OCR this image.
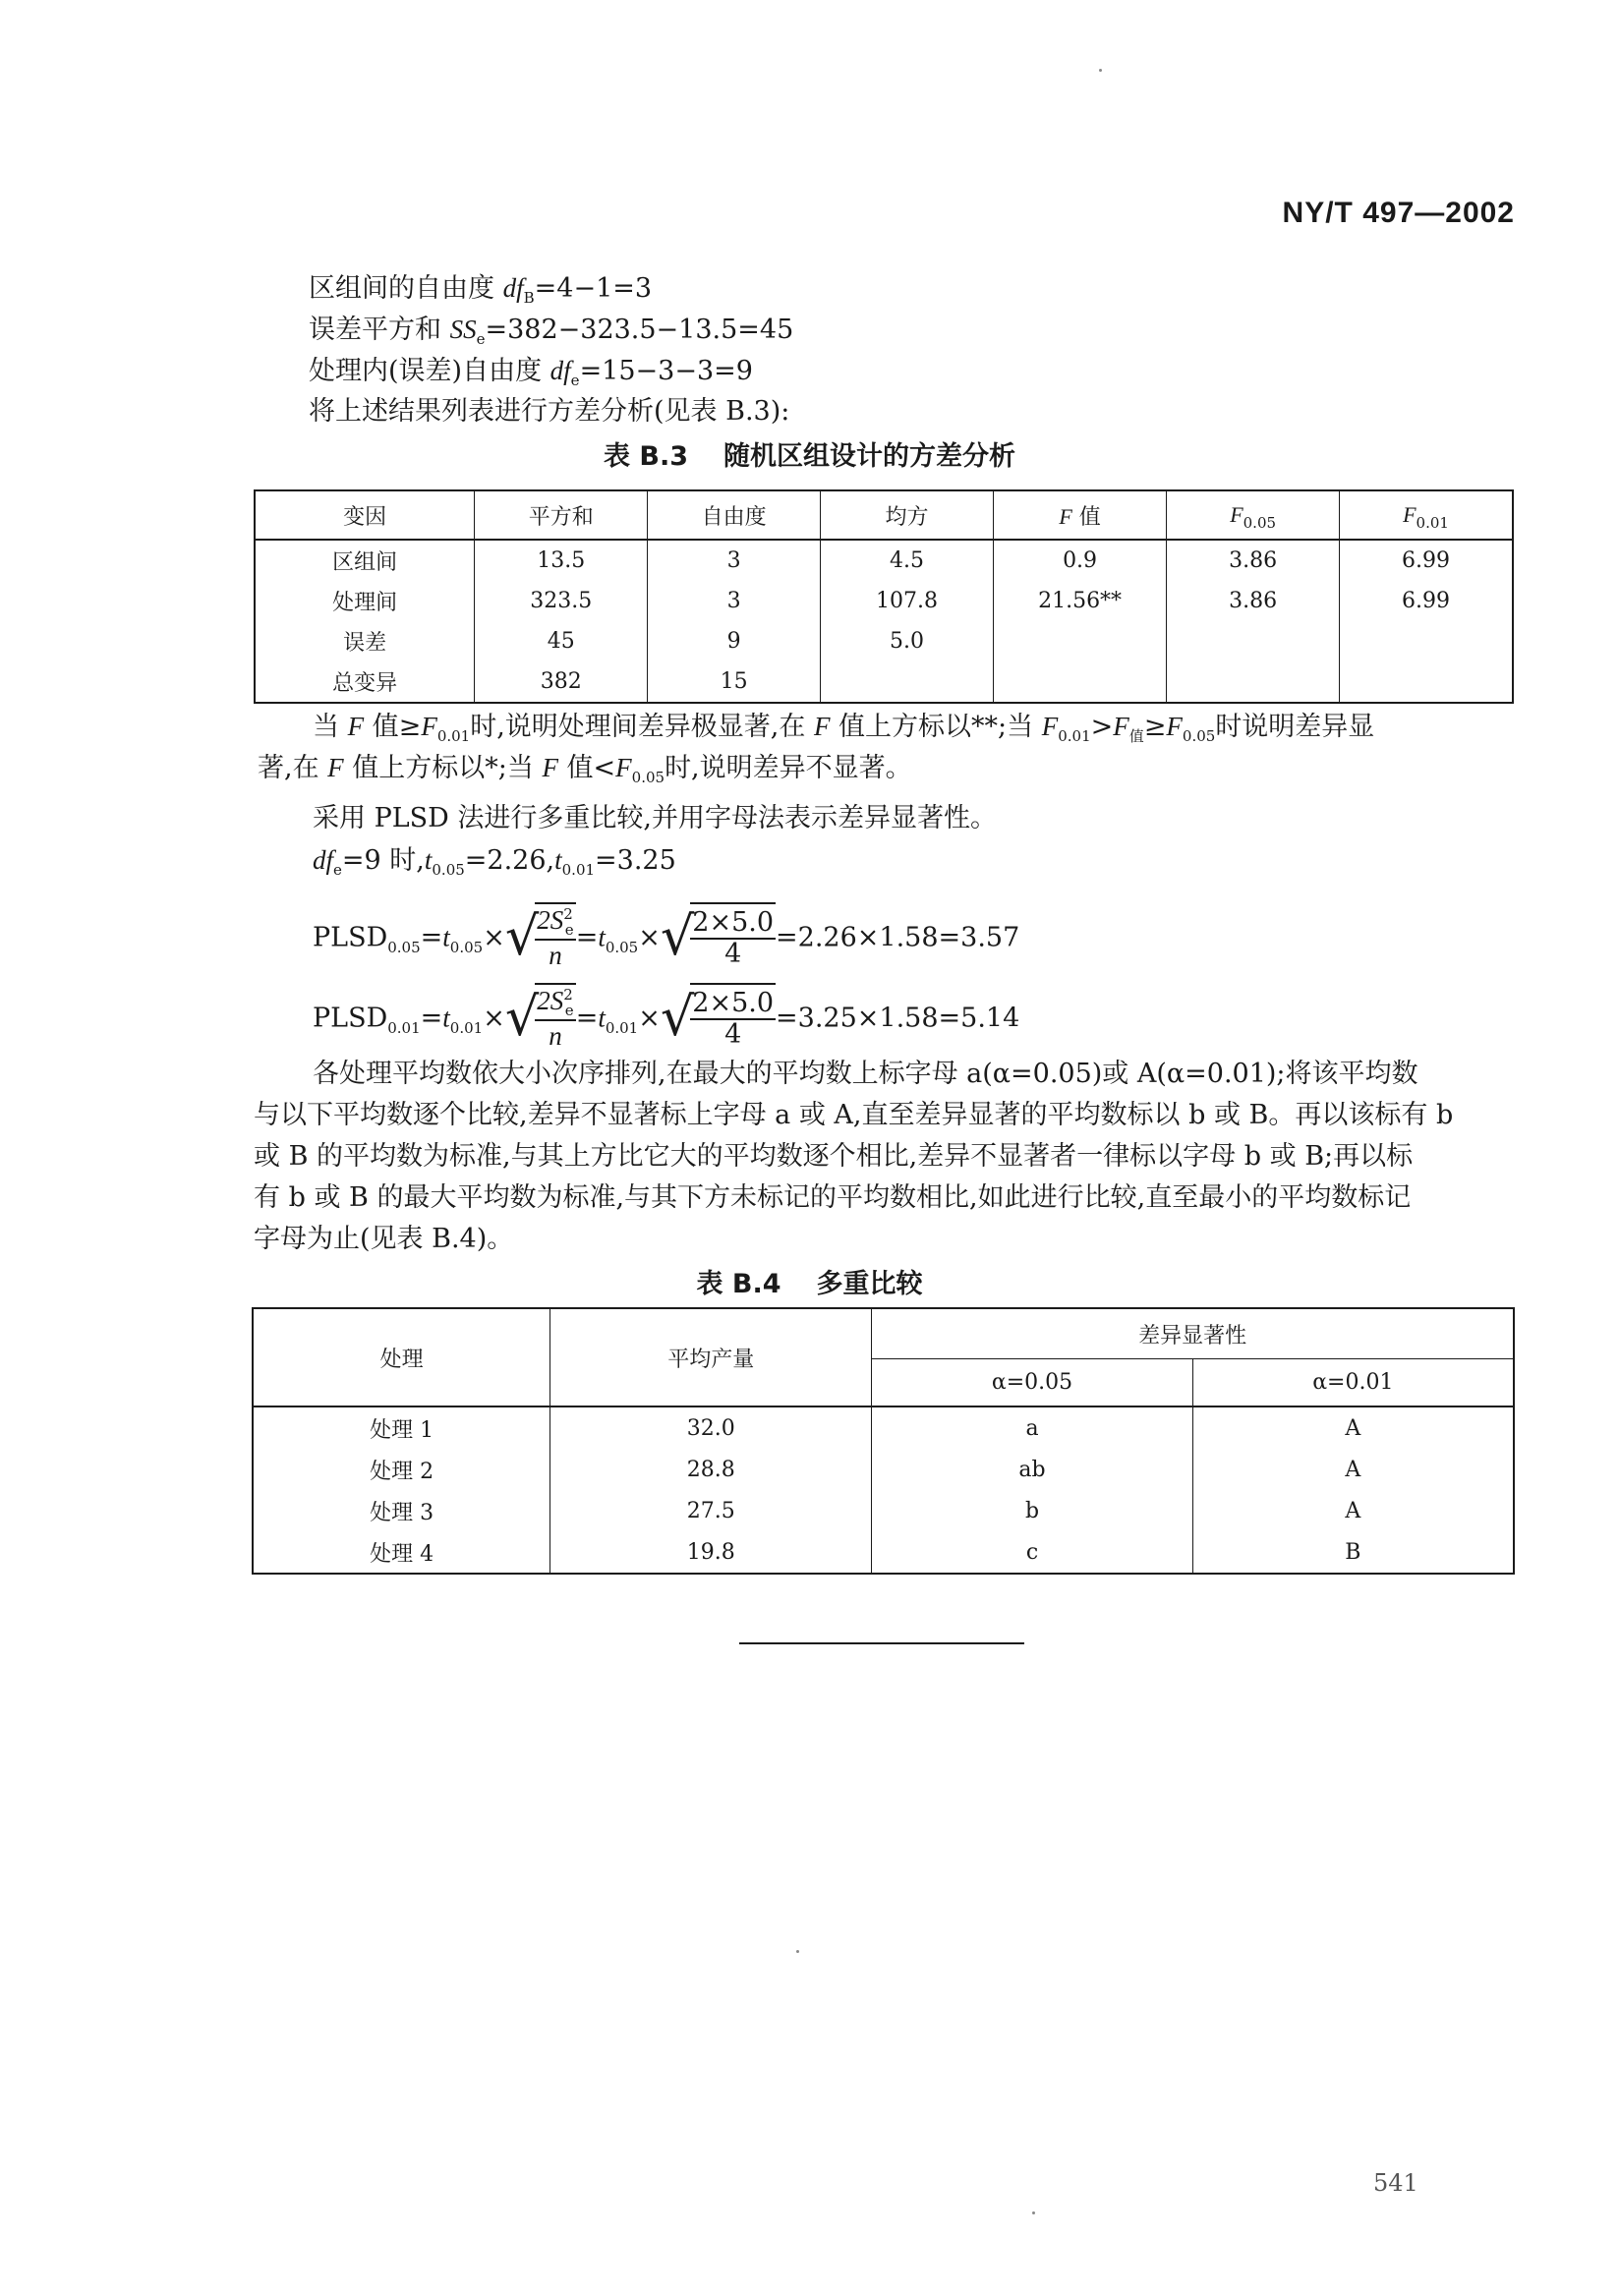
NY/T 497—2002
区组间的自由度 $df_B=4-1=3$
误差平方和 $SS_e=382-323.5-13.5=45$
处理内(误差)自由度 $df_e=15-3-3=9$
将上述结果列表进行方差分析(见表 B.3):
表 B.3 随机区组设计的方差分析
变因	平方和	自由度	均方	F 值	$F_{0.05}$	$F_{0.01}$
区组间	13.5	3	4.5	0.9	3.86	6.99
处理间	323.5	3	107.8	21.56**	3.86	6.99
误差	45	9	5.0			
总变异	382	15				
当 F 值$\ge F_{0.01}$时,说明处理间差异极显著,在 F 值上方标以**;当 $F_{0.01}>F_值\ge F_{0.05}$时说明差异显
著,在 F 值上方标以*;当 F 值$<F_{0.05}$时,说明差异不显著。
采用 PLSD 法进行多重比较,并用字母法表示差异显著性。
$df_e=9$ 时$,t_{0.05}=2.26,t_{0.01}=3.25$
$PLSD_{0.05}=t_{0.05}\times√$
$\frac{2S^2_e}{n} =t_{0.05}\times√$
$\frac{2\times 5.0}{4} =2.26\times 1.58=3.57$
$PLSD_{0.01}=t_{0.01}\times√$
$\frac{2S^2_e}{n} =t_{0.01}\times√$
$\frac{2\times 5.0}{4} =3.25\times 1.58=5.14$
各处理平均数依大小次序排列,在最大的平均数上标字母 a(α=0.05)或 A(α=0.01);将该平均数
与以下平均数逐个比较,差异不显著标上字母 a 或 A,直至差异显著的平均数标以 b 或 B。再以该标有 b
或 B 的平均数为标准,与其上方比它大的平均数逐个相比,差异不显著者一律标以字母 b 或 B;再以标
有 b 或 B 的最大平均数为标准,与其下方未标记的平均数相比,如此进行比较,直至最小的平均数标记
字母为止(见表 B.4)。
表 B.4 多重比较
处理	平均产量	差异显著性	
		α=0.05	α=0.01
处理 1	32.0	a	A
处理 2	28.8	ab	A
处理 3	27.5	b	A
处理 4	19.8	c	B
541
